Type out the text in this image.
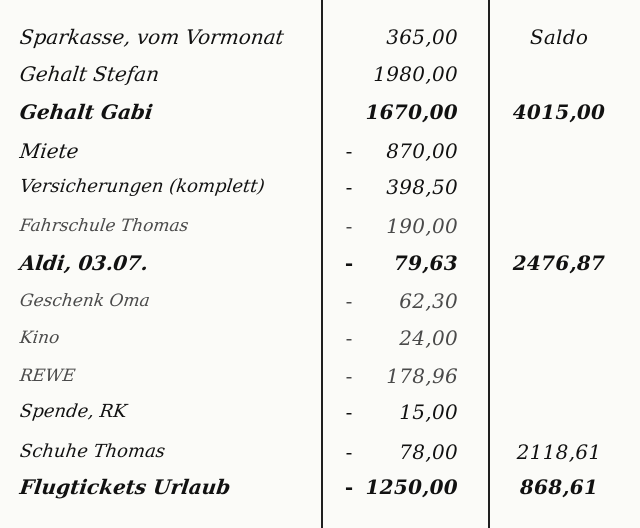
Sparkasse, vom Vormonat	365,00	Saldo
Gehalt Stefan	1980,00
Gehalt Gabi	1670,00	4015,00
Miete	-	870,00
Versicherungen (komplett)	-	398,50
Fahrschule Thomas	-	190,00
Aldi, 03.07.	-	79,63	2476,87
Geschenk Oma	-	62,30
Kino	-	24,00
REWE	-	178,96
Spende, RK	-	15,00
Schuhe Thomas	-	78,00	2118,61
Flugtickets Urlaub	- 1250,00	868,61
